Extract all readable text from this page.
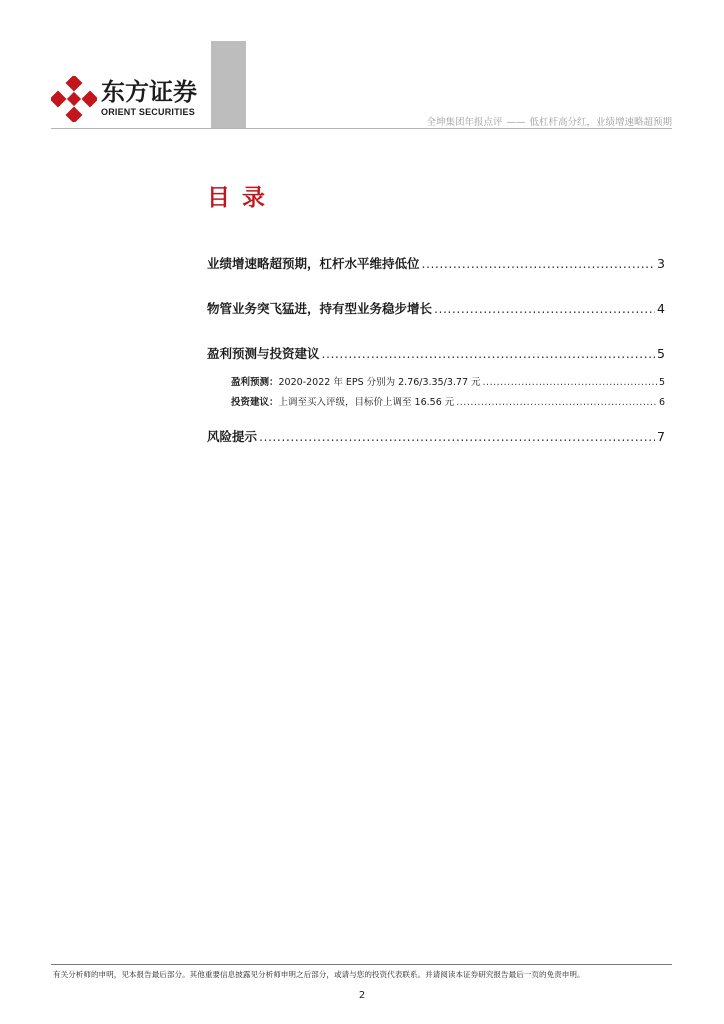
东方证券
ORIENT SECURITIES
全坤集团年报点评 —— 低杠杆高分红，业绩增速略超预期
目录
业绩增速略超预期，杠杆水平维持低位 .....	3
物管业务突飞猛进，持有型业务稳步增长 .....	4
盈利预测与投资建议 .....	5
盈利预测：2020-2022 年 EPS 分别为 2.76/3.35/3.77 元 .....	5
投资建议：上调至买入评级，目标价上调至 16.56 元 .....	6
风险提示 .....	7
有关分析师的申明，见本报告最后部分。其他重要信息披露见分析师申明之后部分，或请与您的投资代表联系。并请阅读本证券研究报告最后一页的免责申明。
2
